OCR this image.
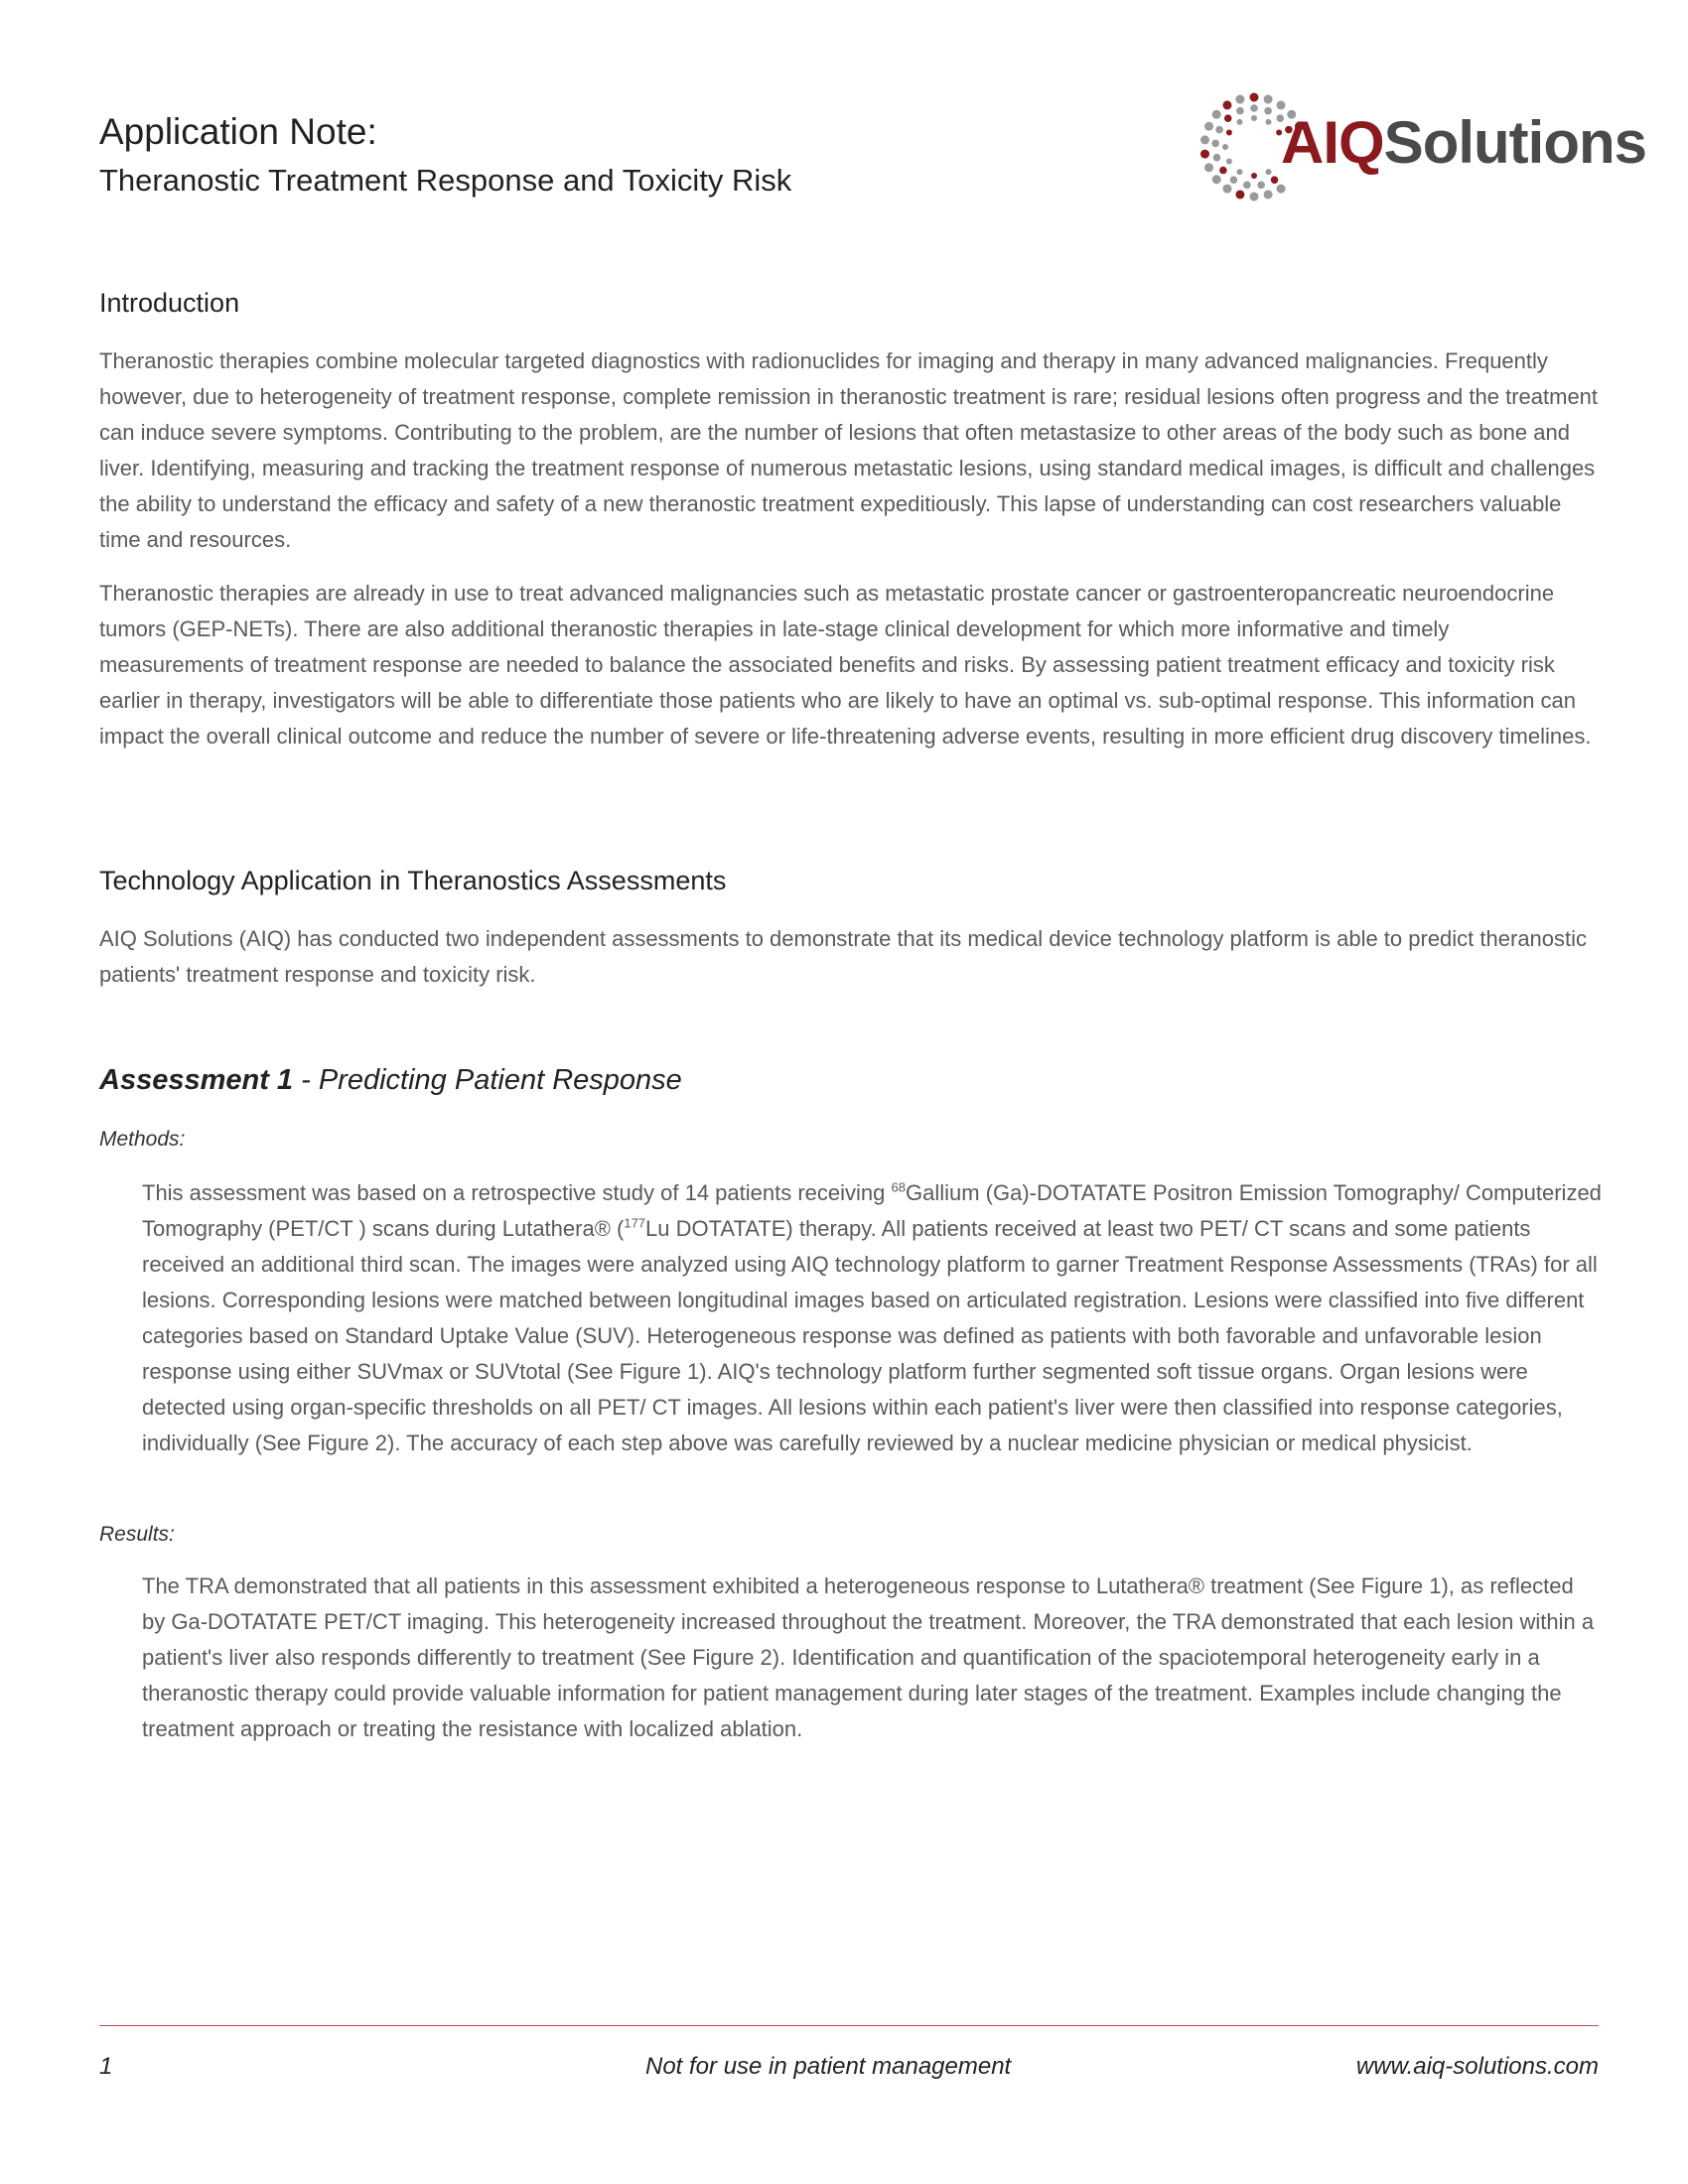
Application Note:
Theranostic Treatment Response and Toxicity Risk
AIQSolutions
Introduction
Theranostic therapies combine molecular targeted diagnostics with radionuclides for imaging and therapy in many advanced malignancies. Frequently however, due to heterogeneity of treatment response, complete remission in theranostic treatment is rare; residual lesions often progress and the treatment can induce severe symptoms. Contributing to the problem, are the number of lesions that often metastasize to other areas of the body such as bone and liver. Identifying, measuring and tracking the treatment response of numerous metastatic lesions, using standard medical images, is difficult and challenges the ability to understand the efficacy and safety of a new theranostic treatment expeditiously. This lapse of understanding can cost researchers valuable time and resources.
Theranostic therapies are already in use to treat advanced malignancies such as metastatic prostate cancer or gastroenteropancreatic neuroendocrine tumors (GEP-NETs). There are also additional theranostic therapies in late-stage clinical development for which more informative and timely measurements of treatment response are needed to balance the associated benefits and risks. By assessing patient treatment efficacy and toxicity risk earlier in therapy, investigators will be able to differentiate those patients who are likely to have an optimal vs. sub-optimal response. This information can impact the overall clinical outcome and reduce the number of severe or life-threatening adverse events, resulting in more efficient drug discovery timelines.
Technology Application in Theranostics Assessments
AIQ Solutions (AIQ) has conducted two independent assessments to demonstrate that its medical device technology platform is able to predict theranostic patients' treatment response and toxicity risk.
Assessment 1 - Predicting Patient Response
Methods:
This assessment was based on a retrospective study of 14 patients receiving $^{68}$Gallium (Ga)-DOTATATE Positron Emission Tomography/ Computerized Tomography (PET/CT ) scans during Lutathera® ($^{177}$Lu DOTATATE) therapy. All patients received at least two PET/ CT scans and some patients received an additional third scan. The images were analyzed using AIQ technology platform to garner Treatment Response Assessments (TRAs) for all lesions. Corresponding lesions were matched between longitudinal images based on articulated registration. Lesions were classified into five different categories based on Standard Uptake Value (SUV). Heterogeneous response was defined as patients with both favorable and unfavorable lesion response using either SUVmax or SUVtotal (See Figure 1). AIQ's technology platform further segmented soft tissue organs. Organ lesions were detected using organ-specific thresholds on all PET/ CT images. All lesions within each patient's liver were then classified into response categories, individually (See Figure 2). The accuracy of each step above was carefully reviewed by a nuclear medicine physician or medical physicist.
Results:
The TRA demonstrated that all patients in this assessment exhibited a heterogeneous response to Lutathera® treatment (See Figure 1), as reflected by Ga-DOTATATE PET/CT imaging. This heterogeneity increased throughout the treatment. Moreover, the TRA demonstrated that each lesion within a patient's liver also responds differently to treatment (See Figure 2). Identification and quantification of the spaciotemporal heterogeneity early in a theranostic therapy could provide valuable information for patient management during later stages of the treatment. Examples include changing the treatment approach or treating the resistance with localized ablation.
1	Not for use in patient management	www.aiq-solutions.com
